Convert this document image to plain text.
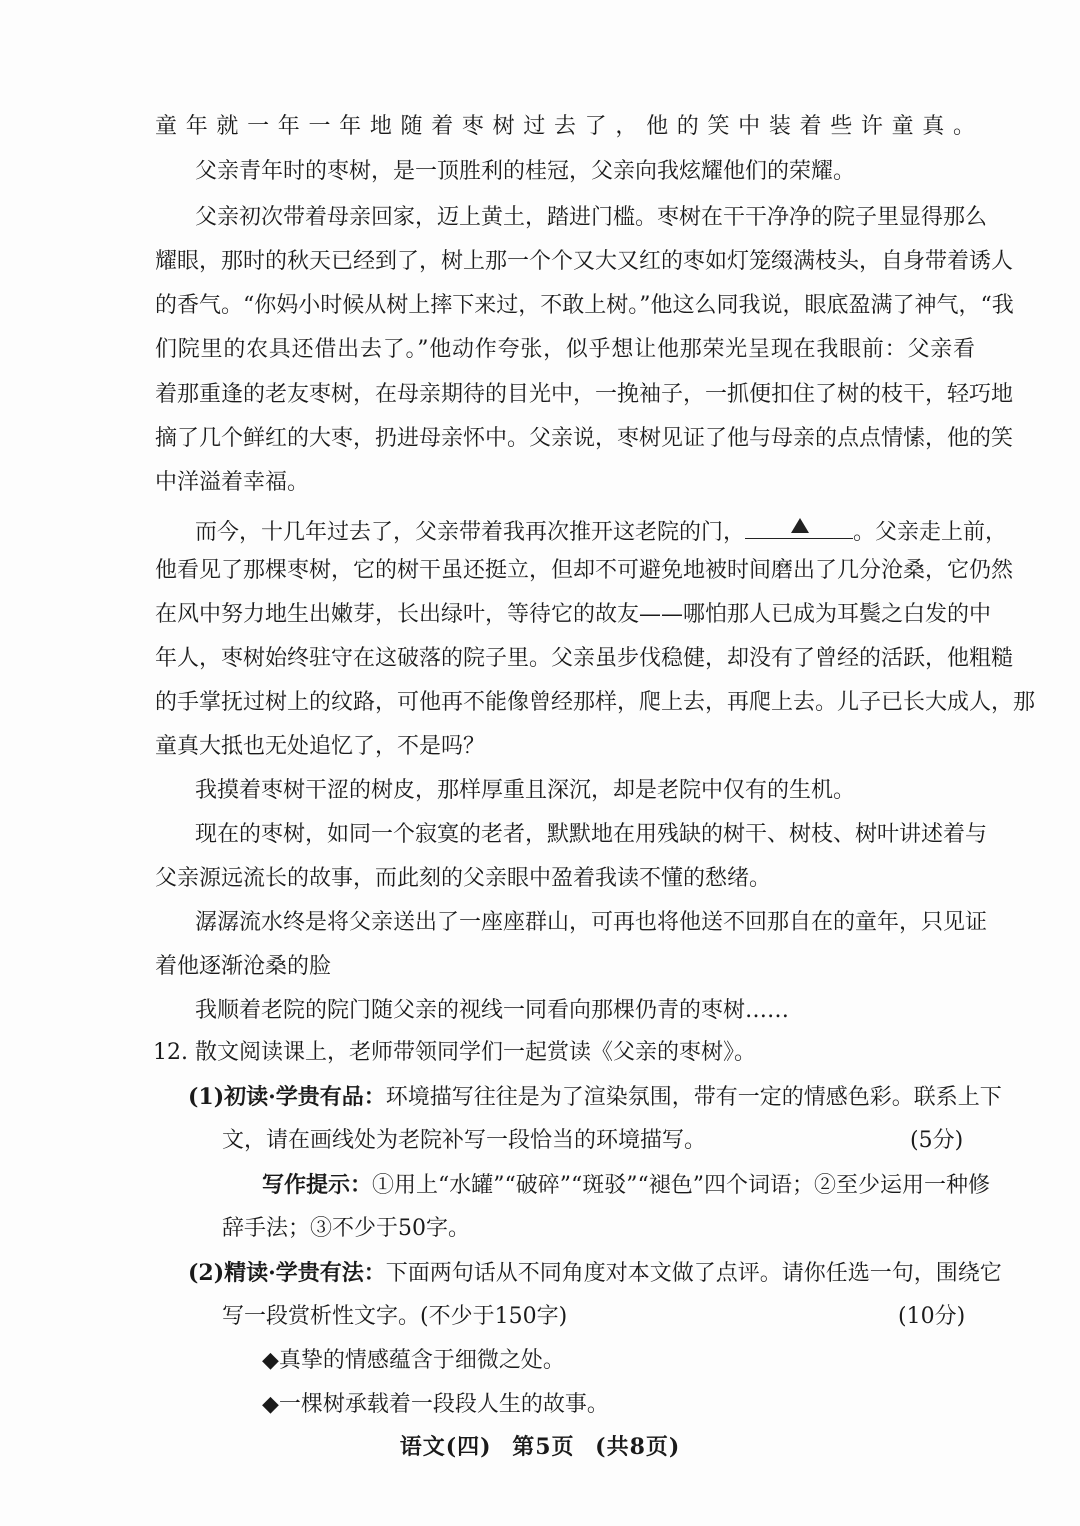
童年就一年一年地随着枣树过去了，他的笑中装着些许童真。
父亲青年时的枣树，是一顶胜利的桂冠，父亲向我炫耀他们的荣耀。
父亲初次带着母亲回家，迈上黄土，踏进门槛。枣树在干干净净的院子里显得那么
耀眼，那时的秋天已经到了，树上那一个个又大又红的枣如灯笼缀满枝头，自身带着诱人
的香气。“你妈小时候从树上摔下来过，不敢上树。”他这么同我说，眼底盈满了神气，“我
们院里的农具还借出去了。”他动作夸张，似乎想让他那荣光呈现在我眼前：父亲看
着那重逢的老友枣树，在母亲期待的目光中，一挽袖子，一抓便扣住了树的枝干，轻巧地
摘了几个鲜红的大枣，扔进母亲怀中。父亲说，枣树见证了他与母亲的点点情愫，他的笑
中洋溢着幸福。
而今，十几年过去了，父亲带着我再次推开这老院的门，	。父亲走上前，
他看见了那棵枣树，它的树干虽还挺立，但却不可避免地被时间磨出了几分沧桑，它仍然
在风中努力地生出嫩芽，长出绿叶，等待它的故友——哪怕那人已成为耳鬓之白发的中
年人，枣树始终驻守在这破落的院子里。父亲虽步伐稳健，却没有了曾经的活跃，他粗糙
的手掌抚过树上的纹路，可他再不能像曾经那样，爬上去，再爬上去。儿子已长大成人，那
童真大抵也无处追忆了，不是吗？
我摸着枣树干涩的树皮，那样厚重且深沉，却是老院中仅有的生机。
现在的枣树，如同一个寂寞的老者，默默地在用残缺的树干、树枝、树叶讲述着与
父亲源远流长的故事，而此刻的父亲眼中盈着我读不懂的愁绪。
潺潺流水终是将父亲送出了一座座群山，可再也将他送不回那自在的童年，只见证
着他逐渐沧桑的脸
我顺着老院的院门随父亲的视线一同看向那棵仍青的枣树……
12. 散文阅读课上，老师带领同学们一起赏读《父亲的枣树》。
(1)初读·学贵有品：环境描写往往是为了渲染氛围，带有一定的情感色彩。联系上下
文，请在画线处为老院补写一段恰当的环境描写。	(5分)
写作提示：①用上“水罐”“破碎”“斑驳”“褪色”四个词语；②至少运用一种修
辞手法；③不少于50字。
(2)精读·学贵有法：下面两句话从不同角度对本文做了点评。请你任选一句，围绕它
写一段赏析性文字。(不少于150字)	(10分)
◆真挚的情感蕴含于细微之处。
◆一棵树承载着一段段人生的故事。
语文(四) 第5页 (共8页)
